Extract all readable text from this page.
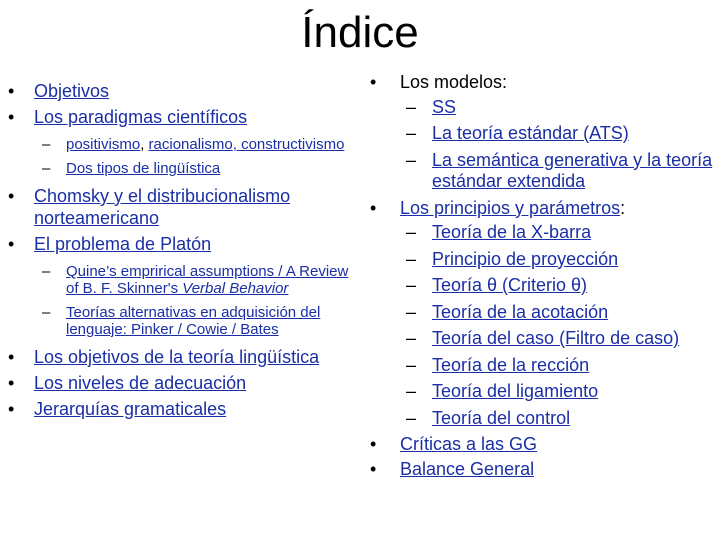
Índice
• Objetivos
• Los paradigmas científicos
– positivismo, racionalismo, constructivismo
– Dos tipos de lingüística
• Chomsky y el distribucionalismo norteamericano
• El problema de Platón
– Quine’s emprirical assumptions / A Review of B. F. Skinner's Verbal Behavior
– Teorías alternativas en adquisición del lenguaje: Pinker / Cowie / Bates
• Los objetivos de la teoría lingüística
• Los niveles de adecuación
• Jerarquías gramaticales
• Los modelos:
– SS
– La teoría estándar (ATS)
– La semántica generativa y la teoría estándar extendida
• Los principios y parámetros:
– Teoría de la X-barra
– Principio de proyección
– Teoría θ (Criterio θ)
– Teoría de la acotación
– Teoría del caso (Filtro de caso)
– Teoría de la rección
– Teoría del ligamiento
– Teoría del control
• Críticas a las GG
• Balance General
